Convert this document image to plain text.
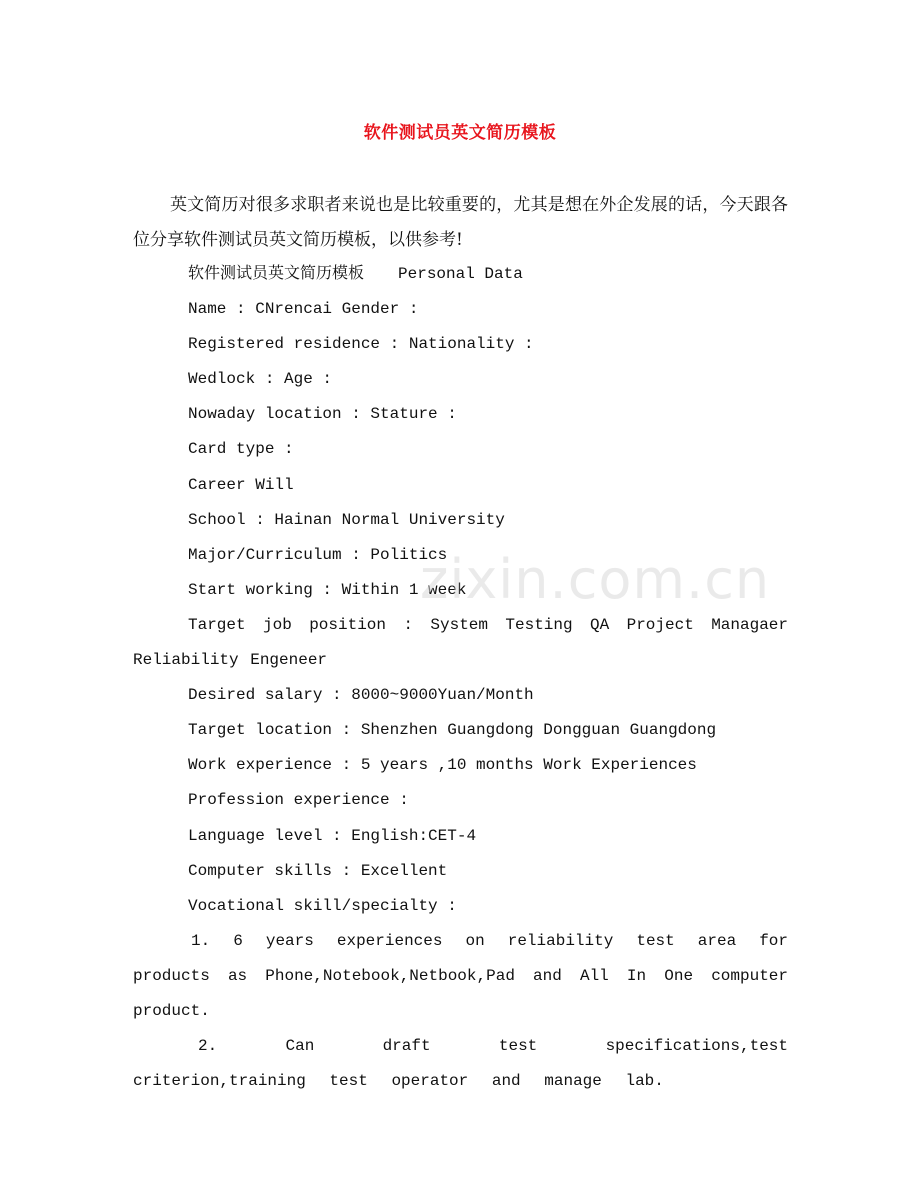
软件测试员英文简历模板
英文简历对很多求职者来说也是比较重要的，尤其是想在外企发展的话，今天跟各位分享软件测试员英文简历模板，以供参考!
软件测试员英文简历模板 Personal Data
Name : CNrencai Gender :
Registered residence : Nationality :
Wedlock : Age :
Nowaday location : Stature :
Card type :
Career Will
School : Hainan Normal University
Major/Curriculum : Politics
Start working : Within 1 week
Target job position : System Testing QA Project Managaer Reliability Engeneer
Desired salary : 8000~9000Yuan/Month
Target location : Shenzhen Guangdong Dongguan Guangdong
Work experience : 5 years ,10 months Work Experiences
Profession experience :
Language level : English:CET-4
Computer skills : Excellent
Vocational skill/specialty :
1. 6 years experiences on reliability test area for products as Phone,Notebook,Netbook,Pad and All In One computer product.
2. Can draft test specifications,test criterion,training test operator and manage lab.
zixin.com.cn
